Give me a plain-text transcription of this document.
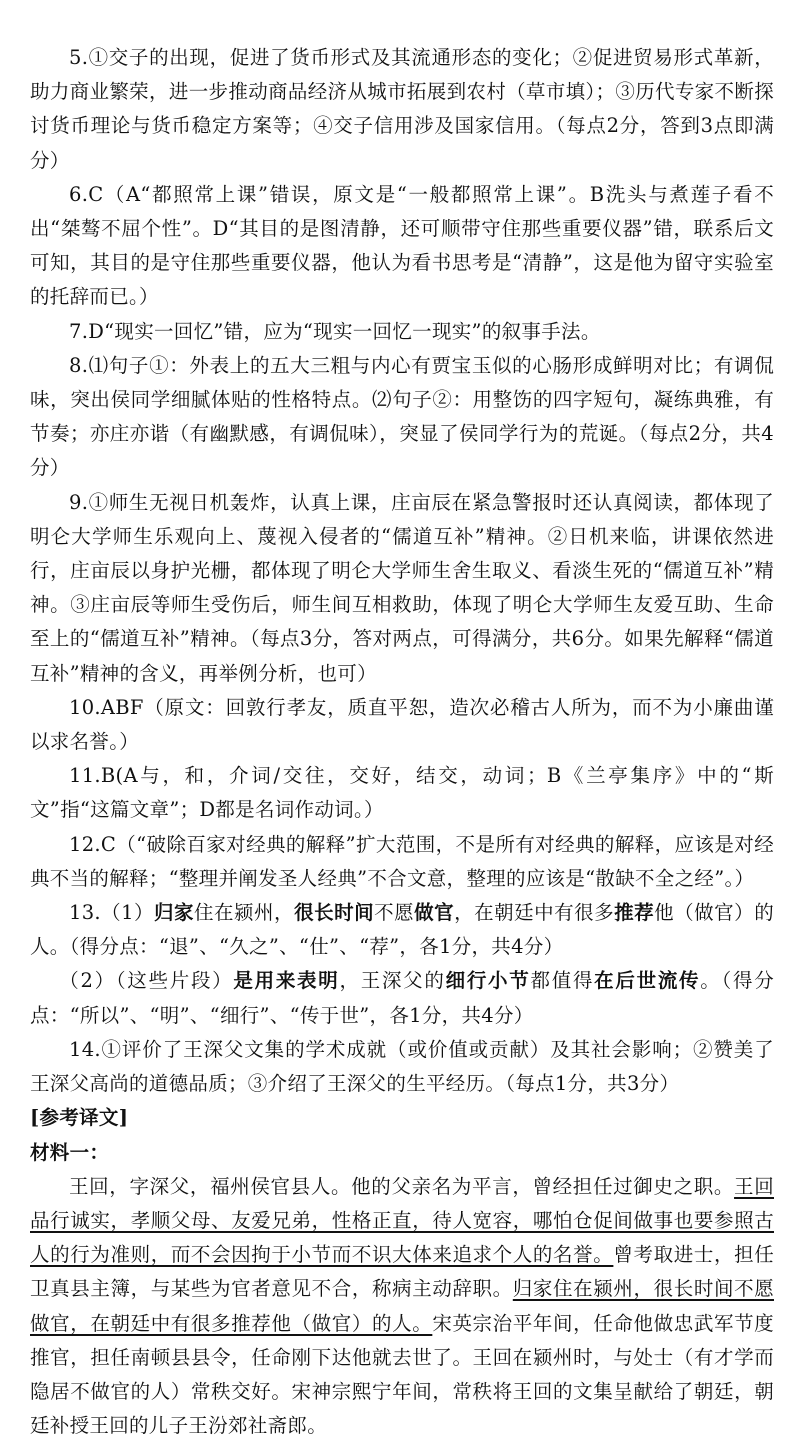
5.①交子的出现，促进了货币形式及其流通形态的变化；②促进贸易形式革新，助力商业繁荣，进一步推动商品经济从城市拓展到农村（草市填）；③历代专家不断探讨货币理论与货币稳定方案等；④交子信用涉及国家信用。（每点2分，答到3点即满分）

6.C（A“都照常上课”错误，原文是“一般都照常上课”。B洗头与煮莲子看不出“桀骜不屈个性”。D“其目的是图清静，还可顺带守住那些重要仪器”错，联系后文可知，其目的是守住那些重要仪器，他认为看书思考是“清静”，这是他为留守实验室的托辞而已。）

7.D“现实一回忆”错，应为“现实一回忆一现实”的叙事手法。

8.⑴句子①：外表上的五大三粗与内心有贾宝玉似的心肠形成鲜明对比；有调侃味，突出侯同学细腻体贴的性格特点。⑵句子②：用整饬的四字短句，凝练典雅，有节奏；亦庄亦谐（有幽默感，有调侃味），突显了侯同学行为的荒诞。（每点2分，共4分）

9.①师生无视日机轰炸，认真上课，庄亩辰在紧急警报时还认真阅读，都体现了明仑大学师生乐观向上、蔑视入侵者的“儒道互补”精神。②日机来临，讲课依然进行，庄亩辰以身护光栅，都体现了明仑大学师生舍生取义、看淡生死的“儒道互补”精神。③庄亩辰等师生受伤后，师生间互相救助，体现了明仑大学师生友爱互助、生命至上的“儒道互补”精神。（每点3分，答对两点，可得满分，共6分。如果先解释“儒道互补”精神的含义，再举例分析，也可）

10.ABF（原文：回敦行孝友，质直平恕，造次必稽古人所为，而不为小廉曲谨以求名誉。）

11.B(A与，和，介词/交往，交好，结交，动词；B《兰亭集序》中的“斯文”指“这篇文章”；D都是名词作动词。）

12.C（“破除百家对经典的解释”扩大范围，不是所有对经典的解释，应该是对经典不当的解释；“整理并阐发圣人经典”不合文意，整理的应该是“散缺不全之经”。）

13.（1）归家住在颍州，很长时间不愿做官，在朝廷中有很多推荐他（做官）的人。（得分点：“退”、“久之”、“仕”、“荐”，各1分，共4分）

（2）（这些片段）是用来表明，王深父的细行小节都值得在后世流传。（得分点：“所以”、“明”、“细行”、“传于世”，各1分，共4分）

14.①评价了王深父文集的学术成就（或价值或贡献）及其社会影响；②赞美了王深父高尚的道德品质；③介绍了王深父的生平经历。（每点1分，共3分）

[参考译文]

材料一：

王回，字深父，福州侯官县人。他的父亲名为平言，曾经担任过御史之职。王回品行诚实，孝顺父母、友爱兄弟，性格正直，待人宽容，哪怕仓促间做事也要参照古人的行为准则，而不会因拘于小节而不识大体来追求个人的名誉。曾考取进士，担任卫真县主簿，与某些为官者意见不合，称病主动辞职。归家住在颍州，很长时间不愿做官，在朝廷中有很多推荐他（做官）的人。宋英宗治平年间，任命他做忠武军节度推官，担任南顿县县令，任命刚下达他就去世了。王回在颍州时，与处士（有才学而隐居不做官的人）常秩交好。宋神宗熙宁年间，常秩将王回的文集呈献给了朝廷，朝廷补授王回的儿子王汾郊社斋郎。
